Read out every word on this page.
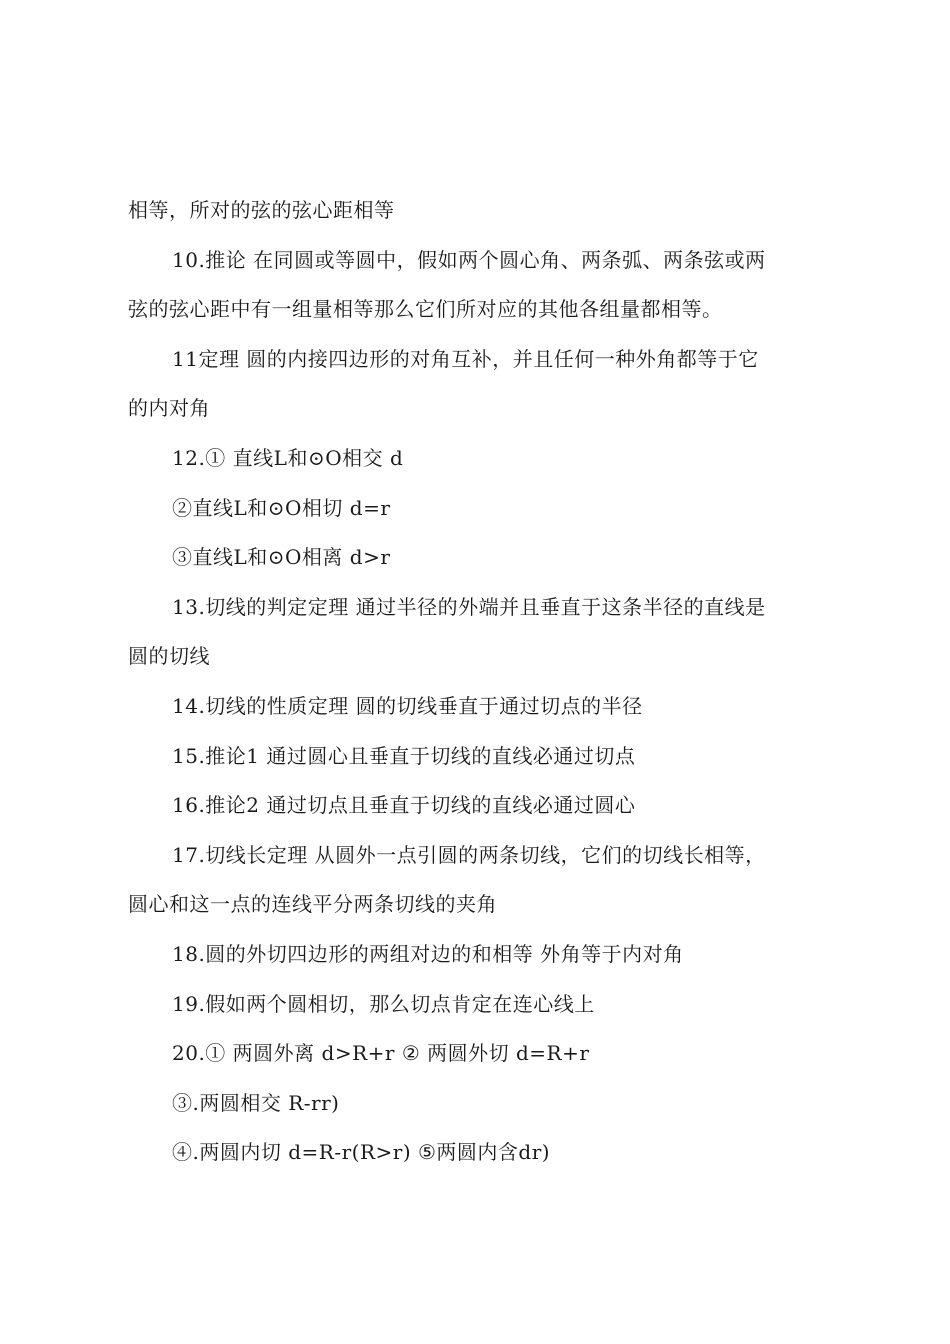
相等，所对的弦的弦心距相等
10.推论 在同圆或等圆中，假如两个圆心角、两条弧、两条弦或两
弦的弦心距中有一组量相等那么它们所对应的其他各组量都相等。
11定理 圆的内接四边形的对角互补，并且任何一种外角都等于它
的内对角
12.① 直线L和⊙O相交 d
②直线L和⊙O相切 d=r
③直线L和⊙O相离 d>r
13.切线的判定定理 通过半径的外端并且垂直于这条半径的直线是
圆的切线
14.切线的性质定理 圆的切线垂直于通过切点的半径
15.推论1 通过圆心且垂直于切线的直线必通过切点
16.推论2 通过切点且垂直于切线的直线必通过圆心
17.切线长定理 从圆外一点引圆的两条切线，它们的切线长相等，
圆心和这一点的连线平分两条切线的夹角
18.圆的外切四边形的两组对边的和相等 外角等于内对角
19.假如两个圆相切，那么切点肯定在连心线上
20.① 两圆外离 d>R+r ② 两圆外切 d=R+r
③.两圆相交 R-rr)
④.两圆内切 d=R-r(R>r) ⑤两圆内含dr)
